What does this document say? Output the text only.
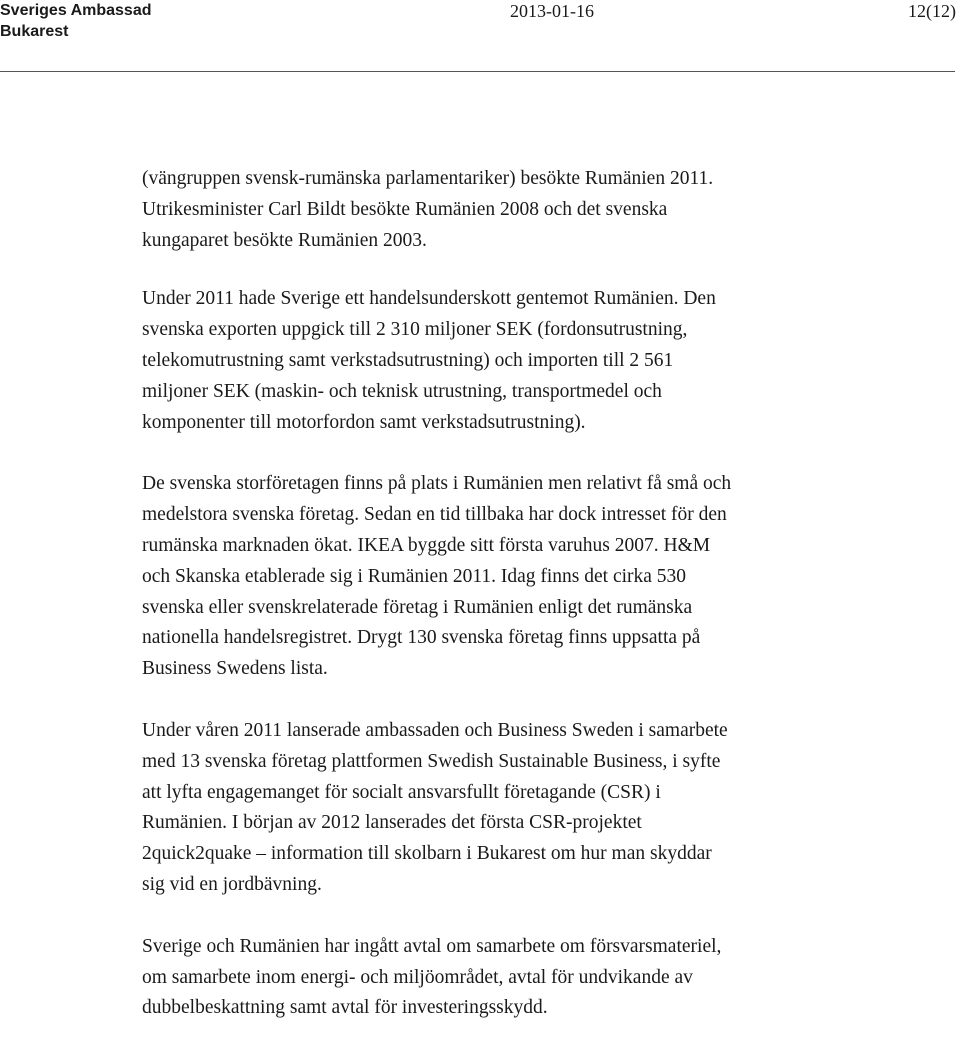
Sveriges Ambassad
Bukarest
2013-01-16	12(12)

(vängruppen svensk-rumänska parlamentariker) besökte Rumänien 2011.
Utrikesminister Carl Bildt besökte Rumänien 2008 och det svenska
kungaparet besökte Rumänien 2003.

Under 2011 hade Sverige ett handelsunderskott gentemot Rumänien. Den
svenska exporten uppgick till 2 310 miljoner SEK (fordonsutrustning,
telekomutrustning samt verkstadsutrustning) och importen till 2 561
miljoner SEK (maskin- och teknisk utrustning, transportmedel och
komponenter till motorfordon samt verkstadsutrustning).

De svenska storföretagen finns på plats i Rumänien men relativt få små och
medelstora svenska företag. Sedan en tid tillbaka har dock intresset för den
rumänska marknaden ökat. IKEA byggde sitt första varuhus 2007. H&M
och Skanska etablerade sig i Rumänien 2011. Idag finns det cirka 530
svenska eller svenskrelaterade företag i Rumänien enligt det rumänska
nationella handelsregistret. Drygt 130 svenska företag finns uppsatta på
Business Swedens lista.

Under våren 2011 lanserade ambassaden och Business Sweden i samarbete
med 13 svenska företag plattformen Swedish Sustainable Business, i syfte
att lyfta engagemanget för socialt ansvarsfullt företagande (CSR) i
Rumänien. I början av 2012 lanserades det första CSR-projektet
2quick2quake – information till skolbarn i Bukarest om hur man skyddar
sig vid en jordbävning.

Sverige och Rumänien har ingått avtal om samarbete om försvarsmateriel,
om samarbete inom energi- och miljöområdet, avtal för undvikande av
dubbelbeskattning samt avtal för investeringsskydd.
